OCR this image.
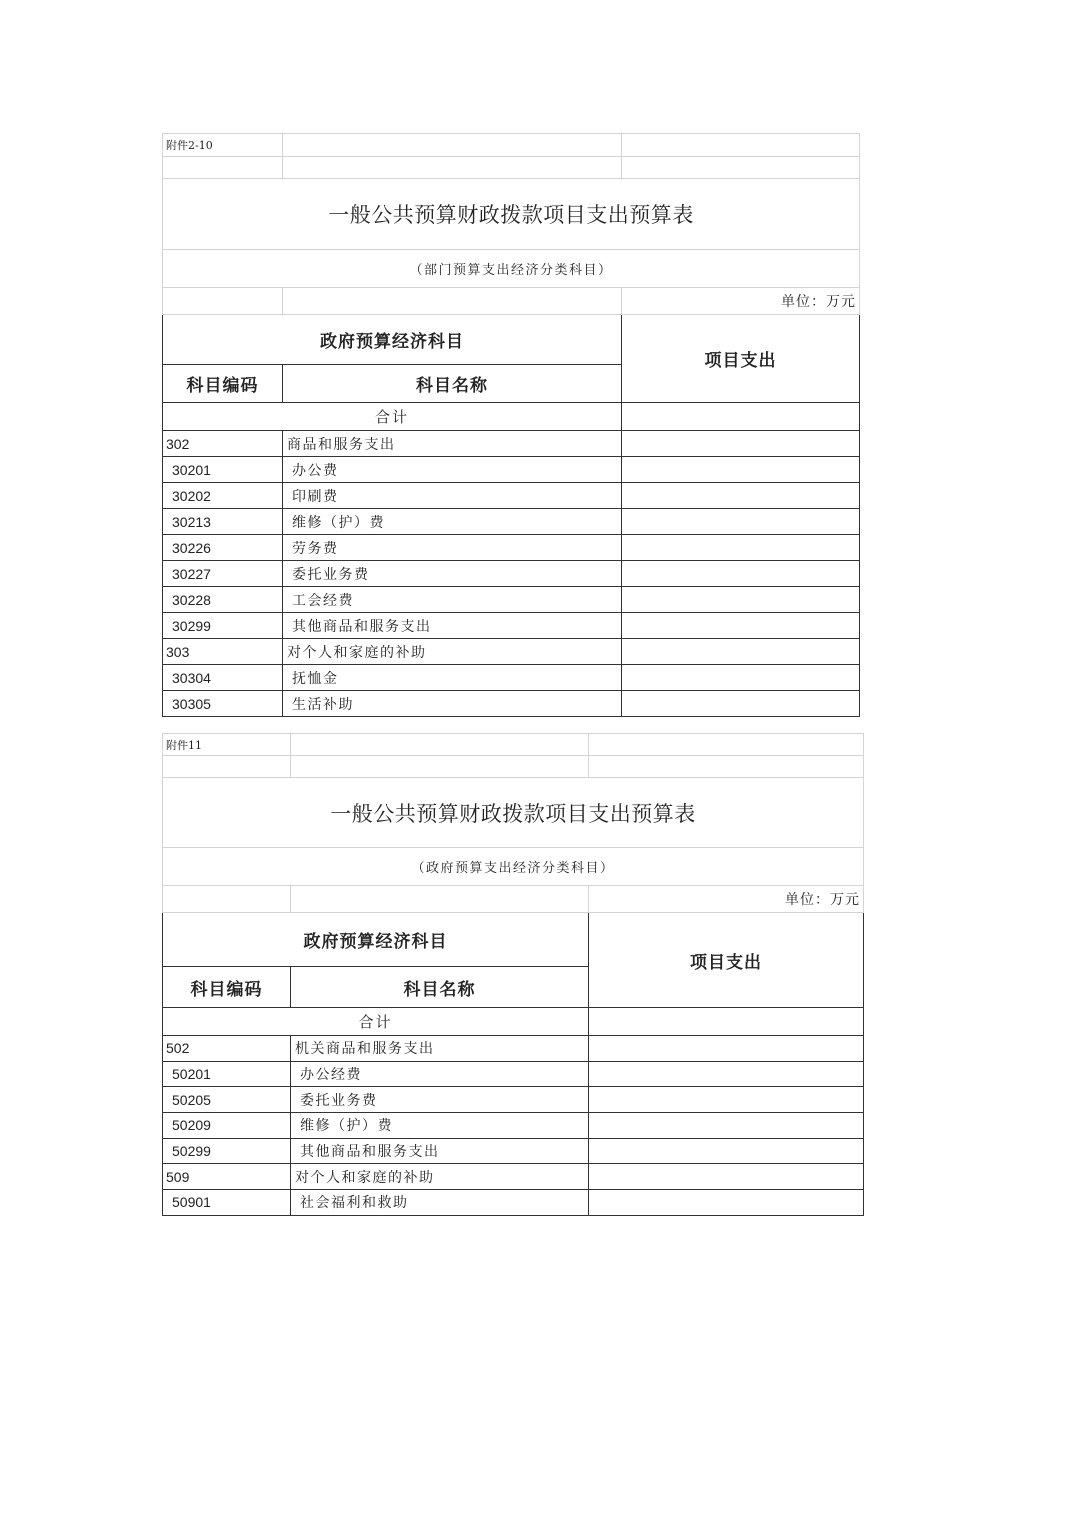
附件2-10		

一般公共预算财政拨款项目支出预算表		
（部门预算支出经济分类科目）		
		单位：万元
政府预算经济科目		项目支出
科目编码	科目名称	
合计		
302	商品和服务支出	
30201	办公费	
30202	印刷费	
30213	维修（护）费	
30226	劳务费	
30227	委托业务费	
30228	工会经费	
30299	其他商品和服务支出	
303	对个人和家庭的补助	
30304	抚恤金	
30305	生活补助	
附件11		

一般公共预算财政拨款项目支出预算表		
（政府预算支出经济分类科目）		
		单位：万元
政府预算经济科目		项目支出
科目编码	科目名称	
合计		
502	机关商品和服务支出	
50201	办公经费	
50205	委托业务费	
50209	维修（护）费	
50299	其他商品和服务支出	
509	对个人和家庭的补助	
50901	社会福利和救助	
